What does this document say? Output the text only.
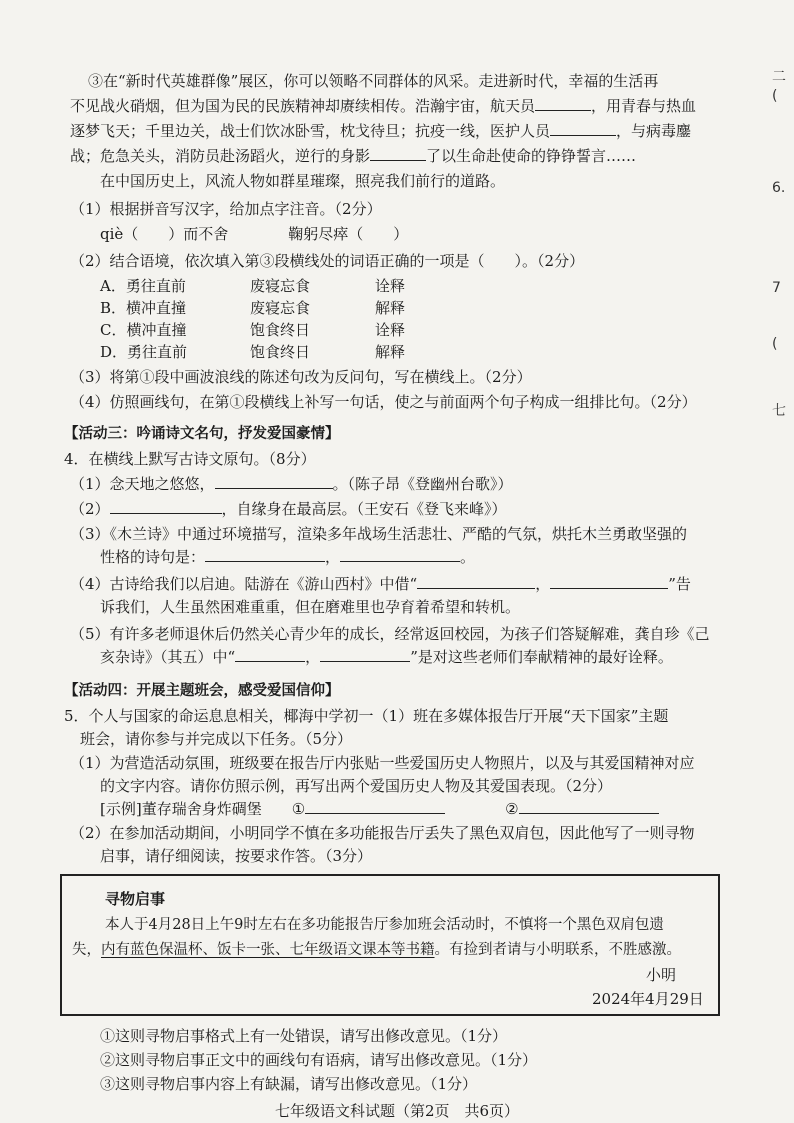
③在“新时代英雄群像”展区，你可以领略不同群体的风采。走进新时代，幸福的生活再
不见战火硝烟，但为国为民的民族精神却赓续相传。浩瀚宇宙，航天员	，用青春与热血
逐梦飞天；千里边关，战士们饮冰卧雪，枕戈待旦；抗疫一线，医护人员	，与病毒鏖
战；危急关头，消防员赴汤蹈火，逆行的身影	了以生命赴使命的铮铮誓言……
在中国历史上，风流人物如群星璀璨，照亮我们前行的道路。
（1）根据拼音写汉字，给加点字注音。（2分）
qiè（　　）而不舍	鞠躬尽瘁（　　）
（2）结合语境，依次填入第③段横线处的词语正确的一项是（　　）。（2分）
A．勇往直前	废寝忘食	诠释
B．横冲直撞	废寝忘食	解释
C．横冲直撞	饱食终日	诠释
D．勇往直前	饱食终日	解释
（3）将第①段中画波浪线的陈述句改为反问句，写在横线上。（2分）
（4）仿照画线句，在第①段横线上补写一句话，使之与前面两个句子构成一组排比句。（2分）
【活动三：吟诵诗文名句，抒发爱国豪情】
4．在横线上默写古诗文原句。（8分）
（1）念天地之悠悠，	。（陈子昂《登幽州台歌》）
（2）	，自缘身在最高层。（王安石《登飞来峰》）
（3）《木兰诗》中通过环境描写，渲染多年战场生活悲壮、严酷的气氛，烘托木兰勇敢坚强的
性格的诗句是：	，	。
（4）古诗给我们以启迪。陆游在《游山西村》中借“	，	”告
诉我们，人生虽然困难重重，但在磨难里也孕育着希望和转机。
（5）有许多老师退休后仍然关心青少年的成长，经常返回校园，为孩子们答疑解难，龚自珍《己
亥杂诗》（其五）中“	，	”是对这些老师们奉献精神的最好诠释。
【活动四：开展主题班会，感受爱国信仰】
5．个人与国家的命运息息相关，椰海中学初一（1）班在多媒体报告厅开展“天下国家”主题
班会，请你参与并完成以下任务。（5分）
（1）为营造活动氛围，班级要在报告厅内张贴一些爱国历史人物照片，以及与其爱国精神对应
的文字内容。请你仿照示例，再写出两个爱国历史人物及其爱国表现。（2分）
[示例]董存瑞舍身炸碉堡 ①	②
（2）在参加活动期间，小明同学不慎在多功能报告厅丢失了黑色双肩包，因此他写了一则寻物
启事，请仔细阅读，按要求作答。（3分）
寻物启事
本人于4月28日上午9时左右在多功能报告厅参加班会活动时，不慎将一个黑色双肩包遗
失，内有蓝色保温杯、饭卡一张、七年级语文课本等书籍。有捡到者请与小明联系，不胜感激。
小明
2024年4月29日
①这则寻物启事格式上有一处错误，请写出修改意见。（1分）
②这则寻物启事正文中的画线句有语病，请写出修改意见。（1分）
③这则寻物启事内容上有缺漏，请写出修改意见。（1分）
七年级语文科试题（第2页　共6页）
二
(
6.
7
(
七
